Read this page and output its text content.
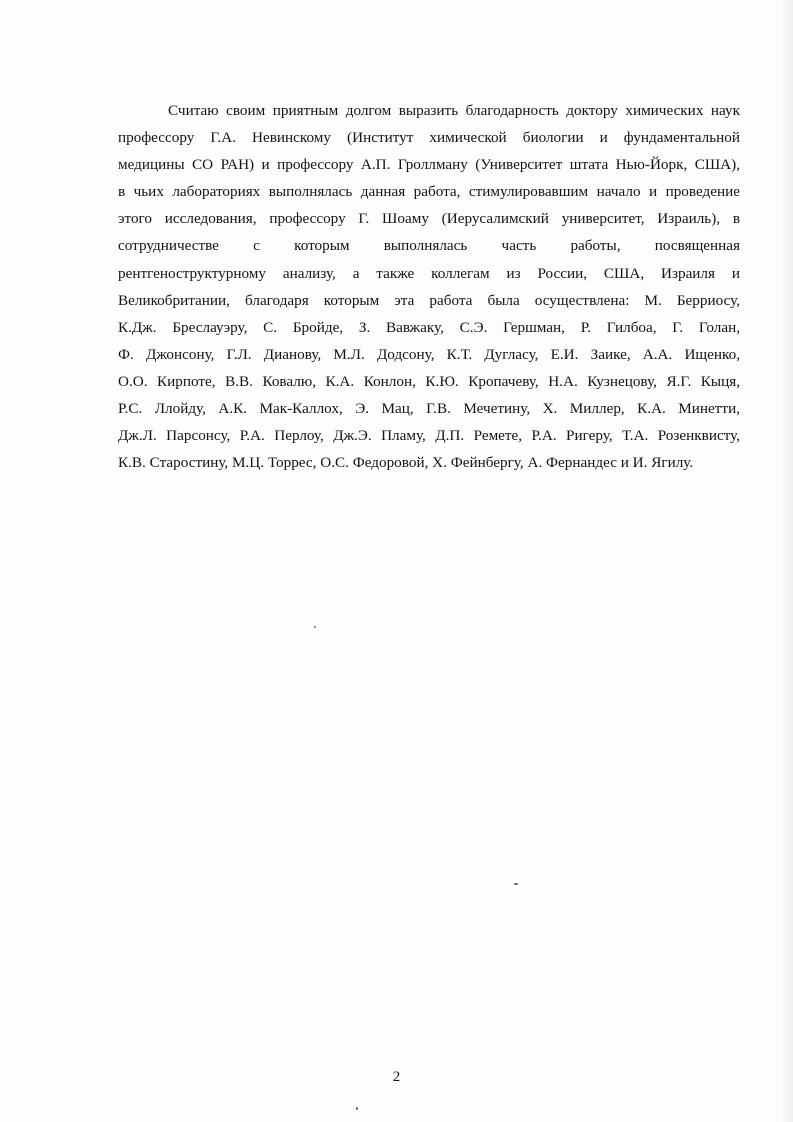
Считаю своим приятным долгом выразить благодарность доктору химических наук
профессору Г.А. Невинскому (Институт химической биологии и фундаментальной
медицины СО РАН) и профессору А.П. Гроллману (Университет штата Нью-Йорк, США),
в чьих лабораториях выполнялась данная работа, стимулировавшим начало и проведение
этого исследования, профессору Г. Шоаму (Иерусалимский университет, Израиль), в
сотрудничестве с которым выполнялась часть работы, посвященная
рентгеноструктурному анализу, а также коллегам из России, США, Израиля и
Великобритании, благодаря которым эта работа была осуществлена: М. Берриосу,
К.Дж. Бреслауэру, С. Бройде, З. Вавжаку, С.Э. Гершман, Р. Гилбоа, Г. Голан,
Ф. Джонсону, Г.Л. Дианову, М.Л. Додсону, К.Т. Дугласу, Е.И. Заике, А.А. Ищенко,
О.О. Кирпоте, В.В. Ковалю, К.А. Конлон, К.Ю. Кропачеву, Н.А. Кузнецову, Я.Г. Кыця,
Р.С. Ллойду, А.К. Мак-Каллох, Э. Мац, Г.В. Мечетину, Х. Миллер, К.А. Минетти,
Дж.Л. Парсонсу, Р.А. Перлоу, Дж.Э. Пламу, Д.П. Ремете, Р.А. Ригеру, Т.А. Розенквисту,
К.В. Старостину, М.Ц. Торрес, О.С. Федоровой, Х. Фейнбергу, А. Фернандес и И. Ягилу.
2
